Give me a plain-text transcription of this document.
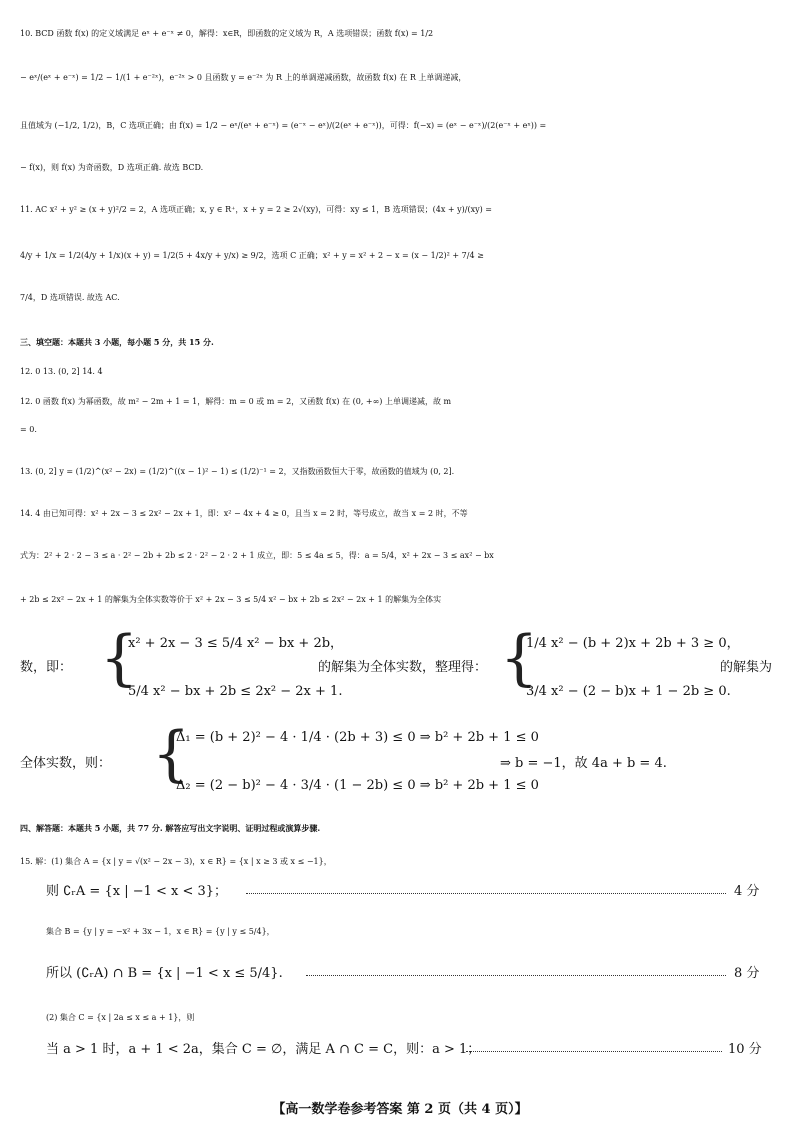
10. BCD 函数 f(x) 的定义域满足 eˣ + e⁻ˣ ≠ 0，解得：x∈R，即函数的定义域为 R，A 选项错误；函数 f(x) = 1/2
− eˣ/(eˣ + e⁻ˣ) = 1/2 − 1/(1 + e⁻²ˣ)，e⁻²ˣ > 0 且函数 y = e⁻²ˣ 为 R 上的单调递减函数，故函数 f(x) 在 R 上单调递减，
且值域为 (−1/2, 1/2)，B，C 选项正确；由 f(x) = 1/2 − eˣ/(eˣ + e⁻ˣ) = (e⁻ˣ − eˣ)/(2(eˣ + e⁻ˣ))，可得：f(−x) = (eˣ − e⁻ˣ)/(2(e⁻ˣ + eˣ)) =
− f(x)，则 f(x) 为奇函数，D 选项正确. 故选 BCD.
11. AC x² + y² ≥ (x + y)²/2 = 2，A 选项正确；x, y ∈ R⁺，x + y = 2 ≥ 2√(xy)，可得：xy ≤ 1，B 选项错误；(4x + y)/(xy) =
4/y + 1/x = 1/2(4/y + 1/x)(x + y) = 1/2(5 + 4x/y + y/x) ≥ 9/2，选项 C 正确；x² + y = x² + 2 − x = (x − 1/2)² + 7/4 ≥
7/4，D 选项错误. 故选 AC.
三、填空题：本题共 3 小题，每小题 5 分，共 15 分.
12. 0 13. (0, 2] 14. 4
12. 0 函数 f(x) 为幂函数，故 m² − 2m + 1 = 1，解得：m = 0 或 m = 2，又函数 f(x) 在 (0, +∞) 上单调递减，故 m
= 0.
13. (0, 2] y = (1/2)^(x² − 2x) = (1/2)^((x − 1)² − 1) ≤ (1/2)⁻¹ = 2，又指数函数恒大于零，故函数的值域为 (0, 2].
14. 4 由已知可得：x² + 2x − 3 ≤ 2x² − 2x + 1，即：x² − 4x + 4 ≥ 0，且当 x = 2 时，等号成立，故当 x = 2 时，不等
式为：2² + 2 · 2 − 3 ≤ a · 2² − 2b + 2b ≤ 2 · 2² − 2 · 2 + 1 成立，即：5 ≤ 4a ≤ 5，得：a = 5/4，x² + 2x − 3 ≤ ax² − bx
+ 2b ≤ 2x² − 2x + 1 的解集为全体实数等价于 x² + 2x − 3 ≤ 5/4 x² − bx + 2b ≤ 2x² − 2x + 1 的解集为全体实
数，即： {
x² + 2x − 3 ≤ 5/4 x² − bx + 2b，
5/4 x² − bx + 2b ≤ 2x² − 2x + 1.
的解集为全体实数，整理得： {
1/4 x² − (b + 2)x + 2b + 3 ≥ 0，
3/4 x² − (2 − b)x + 1 − 2b ≥ 0.
的解集为
全体实数，则： {
Δ₁ = (b + 2)² − 4 · 1/4 · (2b + 3) ≤ 0 ⇒ b² + 2b + 1 ≤ 0
Δ₂ = (2 − b)² − 4 · 3/4 · (1 − 2b) ≤ 0 ⇒ b² + 2b + 1 ≤ 0
⇒ b = −1，故 4a + b = 4.
四、解答题：本题共 5 小题，共 77 分. 解答应写出文字说明、证明过程或演算步骤.
15. 解：(1) 集合 A = {x | y = √(x² − 2x − 3)，x ∈ R} = {x | x ≥ 3 或 x ≤ −1}，
则 ∁ᵣA = {x | −1 < x < 3}；	4 分
集合 B = {y | y = −x² + 3x − 1，x ∈ R} = {y | y ≤ 5/4}，
所以 (∁ᵣA) ∩ B = {x | −1 < x ≤ 5/4}.	8 分
(2) 集合 C = {x | 2a ≤ x ≤ a + 1}，则
当 a > 1 时，a + 1 < 2a，集合 C = ∅，满足 A ∩ C = C，则：a > 1；	10 分
【高一数学卷参考答案 第 2 页（共 4 页）】
